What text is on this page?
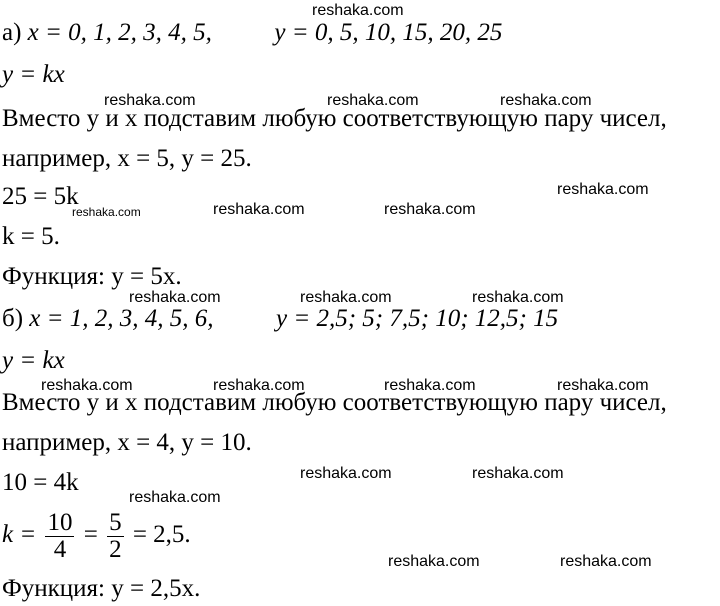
а) x = 0, 1, 2, 3, 4, 5,	y = 0, 5, 10, 15, 20, 25
y = kx
Вместо y и x подставим любую соответствующую пару чисел,
например, x = 5, y = 25.
25 = 5k
k = 5.
Функция: y = 5x.
б) x = 1, 2, 3, 4, 5, 6,	y = 2,5; 5; 7,5; 10; 12,5; 15
y = kx
Вместо y и x подставим любую соответствующую пару чисел,
например, x = 4, y = 10.
10 = 4k
$k = \frac{10}{4} = \frac{5}{2} = 2,5$.
Функция: y = 2,5x.
reshaka.com
reshaka.com	reshaka.com	reshaka.com
reshaka.com
reshaka.com	reshaka.com	reshaka.com
reshaka.com	reshaka.com	reshaka.com
reshaka.com	reshaka.com	reshaka.com	reshaka.com
reshaka.com	reshaka.com
reshaka.com
reshaka.com	reshaka.com
